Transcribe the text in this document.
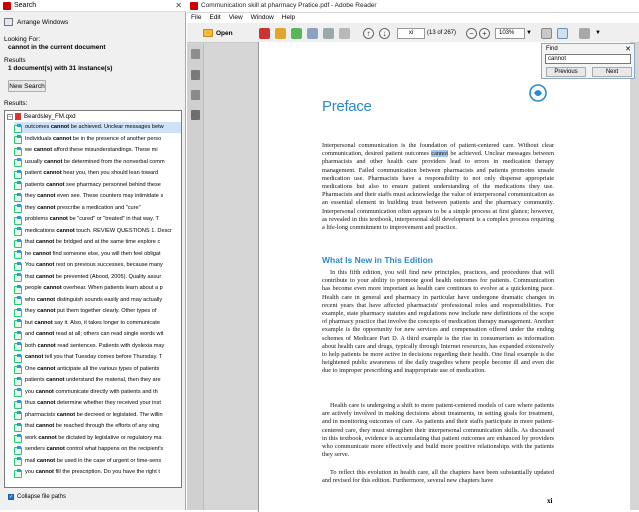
Search	✕
Arrange Windows
Looking For:
cannot in the current document
Results
1 document(s) with 31 instance(s)
New Search
Results:
− Beardsley_FM.qxd
outcomes cannot be achieved. Unclear messages betw
Individuals cannot be in the presence of another perso
we cannot afford these misunderstandings. These mi
usually cannot be determined from the nonverbal comm
patient cannot hear you, then you should lean toward
patients cannot see pharmacy personnel behind these
they cannot even see. These counters may intimidate s
they cannot prescribe a medication and "cure"
problems cannot be "cured" or "treated" in that way. T
medications cannot touch. REVIEW QUESTIONS 1. Descr
that cannot be bridged and at the same time explore c
he cannot find someone else, you will then feel obligat
You cannot rest on previous successes, because many
that cannot be prevented (Abood, 2005). Quality assur
people cannot overhear. When patients learn about a p
who cannot distinguish sounds easily and may actually
they cannot put them together clearly. Other types of
but cannot say it. Also, it takes longer to communicate
and cannot read at all; others can read single words wit
both cannot read sentences. Patients with dyslexia may
cannot tell you that Tuesday comes before Thursday. T
One cannot anticipate all the various types of patients
patients cannot understand the material, then they are
you cannot communicate directly with patients and th
thus cannot determine whether they received your inst
pharmacists cannot be decreed or legislated. The willin
that cannot be reached through the efforts of any sing
work cannot be dictated by legislative or regulatory ma
senders cannot control what happens on the recipient's
mail cannot be used in the case of urgent or time-sens
you cannot fill the prescription. Do you have the right t
✓ Collapse file paths
Communication skill at pharmacy Pratice.pdf - Adobe Reader
File	Edit	View	Window	Help
Open	↑	↓	xi	(13 of 267)	−	+	103%	▼	▼
Preface
Interpersonal communication is the foundation of patient-centered care. Without clear communication, desired patient outcomes cannot be achieved. Unclear messages between pharmacists and other health care providers lead to errors in medication therapy management. Failed communication between pharmacists and patients promotes unsafe medication use. Pharmacists have a responsibility to not only dispense appropriate medications but also to ensure patient understanding of the medications they use. Pharmacists and their staffs must acknowledge the value of interpersonal communication as an essential element in building trust between patients and the pharmacy community. Interpersonal communication often appears to be a simple process at first glance; however, as revealed in this textbook, interpersonal skill development is a complex process requiring a life-long commitment to improvement and practice.
What Is New in This Edition
In this fifth edition, you will find new principles, practices, and procedures that will contribute to your ability to promote good health outcomes for patients. Communication has become even more important as health care continues to evolve at a quickening pace. Health care in general and pharmacy in particular have undergone dramatic changes in recent years that have affected pharmacists' professional roles and responsibilities. For example, state pharmacy statutes and regulations now include new definitions of the scope of pharmacy practice that involve the concepts of medication therapy management. Another example is the opportunity for new services and compensation offered under the ending schemes of Medicare Part D. A third example is the rise in consumerism as information about health care and drugs, typically through Internet resources, has expanded extensively to help patients be more active in decisions regarding their health. One final example is the heightened public awareness of the daily tragedies where people become ill and even die due to improper prescribing and inappropriate use of medication.
Health care is undergoing a shift to more patient-centered models of care where patients are actively involved in making decisions about treatments, in setting goals for treatment, and in monitoring outcomes of care. As patients and their staffs participate in more patient-centered care, they must strengthen their interpersonal communication skills. As discussed in this textbook, evidence is accumulating that patient outcomes are enhanced by providers who communicate more effectively and build more positive relationships with the patients they serve.
To reflect this evolution in health care, all the chapters have been substantially updated and revised for this edition. Furthermore, several new chapters have
xi
Find	✕
cannot
Previous	Next
